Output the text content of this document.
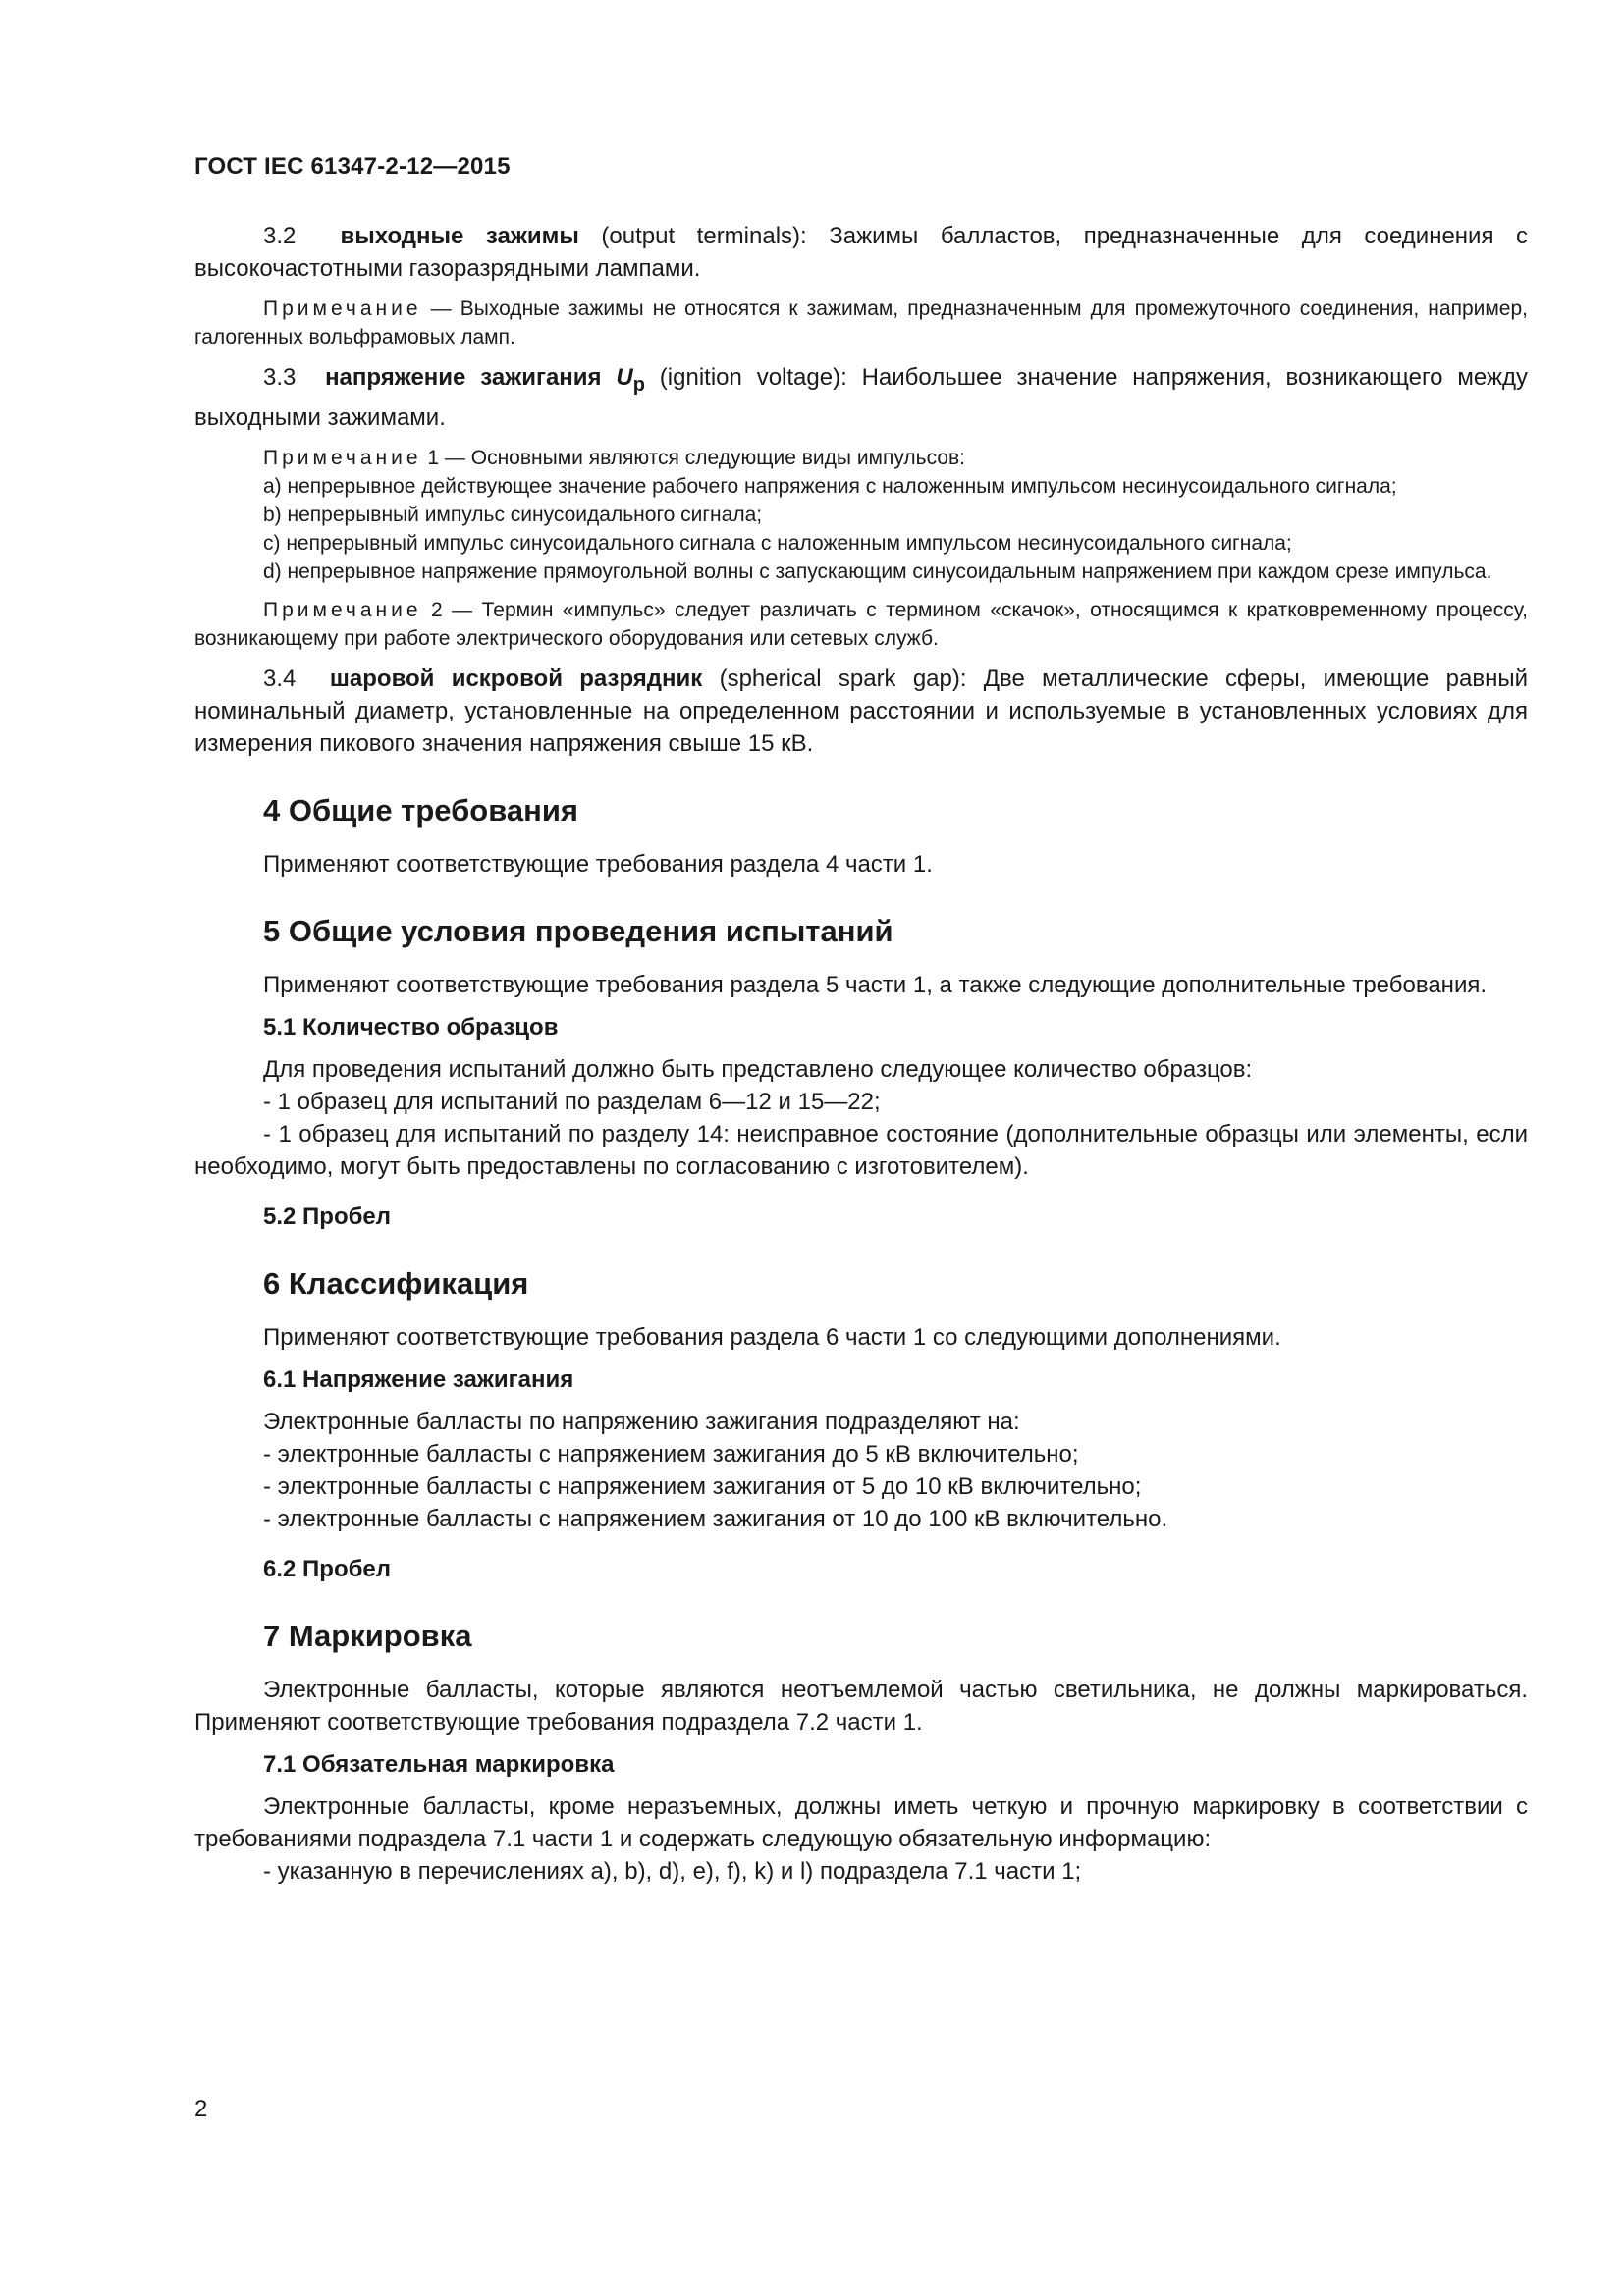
ГОСТ IEC 61347-2-12—2015

3.2 выходные зажимы (output terminals): Зажимы балластов, предназначенные для соединения с высокочастотными газоразрядными лампами.

Примечание — Выходные зажимы не относятся к зажимам, предназначенным для промежуточного соединения, например, галогенных вольфрамовых ламп.

3.3 напряжение зажигания $U_p$ (ignition voltage): Наибольшее значение напряжения, возникающего между выходными зажимами.

Примечание 1 — Основными являются следующие виды импульсов:

a) непрерывное действующее значение рабочего напряжения с наложенным импульсом несинусоидального сигнала;

b) непрерывный импульс синусоидального сигнала;

c) непрерывный импульс синусоидального сигнала с наложенным импульсом несинусоидального сигнала;

d) непрерывное напряжение прямоугольной волны с запускающим синусоидальным напряжением при каждом срезе импульса.

Примечание 2 — Термин «импульс» следует различать с термином «скачок», относящимся к кратковременному процессу, возникающему при работе электрического оборудования или сетевых служб.

3.4 шаровой искровой разрядник (spherical spark gap): Две металлические сферы, имеющие равный номинальный диаметр, установленные на определенном расстоянии и используемые в установленных условиях для измерения пикового значения напряжения свыше 15 кВ.

4 Общие требования

Применяют соответствующие требования раздела 4 части 1.

5 Общие условия проведения испытаний

Применяют соответствующие требования раздела 5 части 1, а также следующие дополнительные требования.

5.1 Количество образцов

Для проведения испытаний должно быть представлено следующее количество образцов:

- 1 образец для испытаний по разделам 6—12 и 15—22;

- 1 образец для испытаний по разделу 14: неисправное состояние (дополнительные образцы или элементы, если необходимо, могут быть предоставлены по согласованию с изготовителем).

5.2 Пробел
6 Классификация

Применяют соответствующие требования раздела 6 части 1 со следующими дополнениями.

6.1 Напряжение зажигания

Электронные балласты по напряжению зажигания подразделяют на:

- электронные балласты с напряжением зажигания до 5 кВ включительно;

- электронные балласты с напряжением зажигания от 5 до 10 кВ включительно;

- электронные балласты с напряжением зажигания от 10 до 100 кВ включительно.

6.2 Пробел
7 Маркировка

Электронные балласты, которые являются неотъемлемой частью светильника, не должны маркироваться. Применяют соответствующие требования подраздела 7.2 части 1.

7.1 Обязательная маркировка

Электронные балласты, кроме неразъемных, должны иметь четкую и прочную маркировку в соответствии с требованиями подраздела 7.1 части 1 и содержать следующую обязательную информацию:

- указанную в перечислениях a), b), d), e), f), k) и l) подраздела 7.1 части 1;

2
